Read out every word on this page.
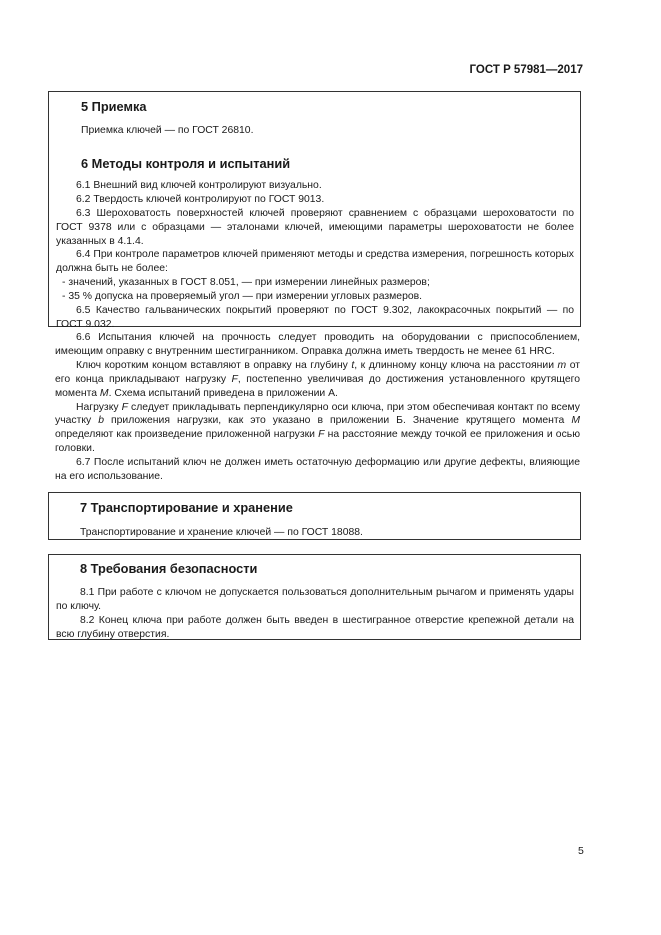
ГОСТ Р 57981—2017
5 Приемка

Приемка ключей — по ГОСТ 26810.

6 Методы контроля и испытаний

6.1 Внешний вид ключей контролируют визуально.

6.2 Твердость ключей контролируют по ГОСТ 9013.

6.3 Шероховатость поверхностей ключей проверяют сравнением с образцами шероховатости по ГОСТ 9378 или с образцами — эталонами ключей, имеющими параметры шероховатости не более указанных в 4.1.4.

6.4 При контроле параметров ключей применяют методы и средства измерения, погрешность которых должна быть не более:

- значений, указанных в ГОСТ 8.051, — при измерении линейных размеров;

- 35 % допуска на проверяемый угол — при измерении угловых размеров.

6.5 Качество гальванических покрытий проверяют по ГОСТ 9.302, лакокрасочных покрытий — по ГОСТ 9.032.

6.6 Испытания ключей на прочность следует проводить на оборудовании с приспособлением, имеющим оправку с внутренним шестигранником. Оправка должна иметь твердость не менее 61 HRC.

Ключ коротким концом вставляют в оправку на глубину t, к длинному концу ключа на расстоянии m от его конца прикладывают нагрузку F, постепенно увеличивая до достижения установленного крутящего момента M. Схема испытаний приведена в приложении А.

Нагрузку F следует прикладывать перпендикулярно оси ключа, при этом обеспечивая контакт по всему участку b приложения нагрузки, как это указано в приложении Б. Значение крутящего момента M определяют как произведение приложенной нагрузки F на расстояние между точкой ее приложения и осью головки.

6.7 После испытаний ключ не должен иметь остаточную деформацию или другие дефекты, влияющие на его использование.

7 Транспортирование и хранение

Транспортирование и хранение ключей — по ГОСТ 18088.

8 Требования безопасности

8.1 При работе с ключом не допускается пользоваться дополнительным рычагом и применять удары по ключу.

8.2 Конец ключа при работе должен быть введен в шестигранное отверстие крепежной детали на всю глубину отверстия.

5
